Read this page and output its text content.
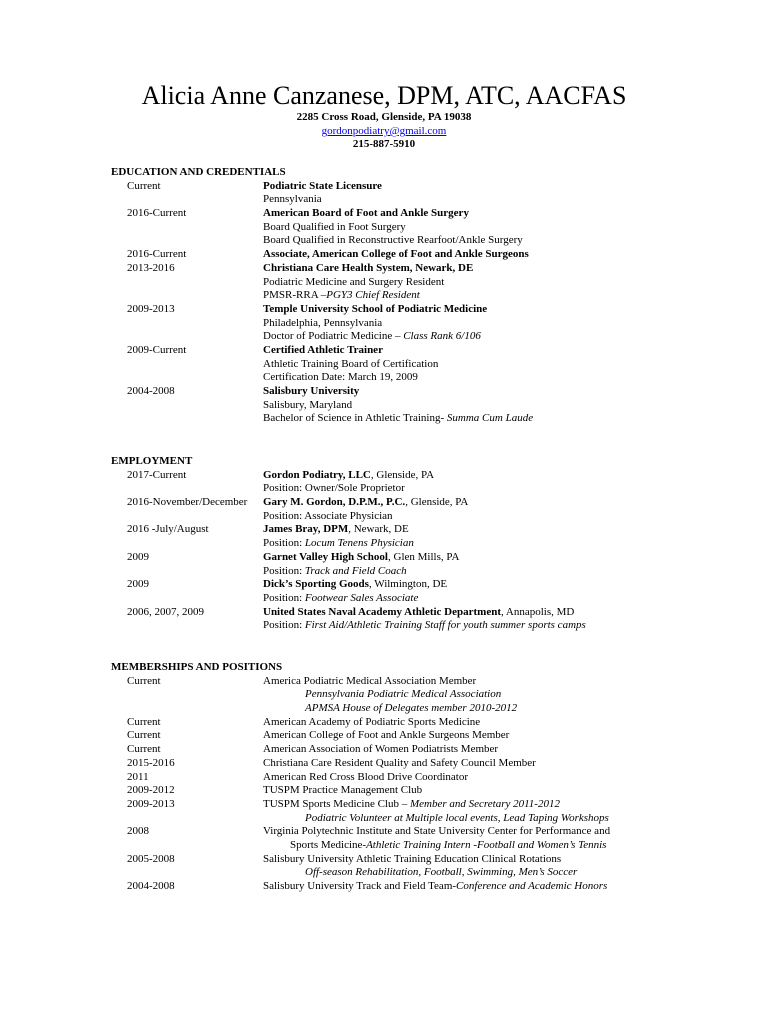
Alicia Anne Canzanese, DPM, ATC, AACFAS
2285 Cross Road, Glenside, PA 19038
gordonpodiatry@gmail.com
215-887-5910
EDUCATION AND CREDENTIALS
Current	Podiatric State Licensure
Pennsylvania
2016-Current	American Board of Foot and Ankle Surgery
Board Qualified in Foot Surgery
Board Qualified in Reconstructive Rearfoot/Ankle Surgery
2016-Current	Associate, American College of Foot and Ankle Surgeons
2013-2016	Christiana Care Health System, Newark, DE
Podiatric Medicine and Surgery Resident
PMSR-RRA –PGY3 Chief Resident
2009-2013	Temple University School of Podiatric Medicine
Philadelphia, Pennsylvania
Doctor of Podiatric Medicine – Class Rank 6/106
2009-Current	Certified Athletic Trainer
Athletic Training Board of Certification
Certification Date: March 19, 2009
2004-2008	Salisbury University
Salisbury, Maryland
Bachelor of Science in Athletic Training- Summa Cum Laude
EMPLOYMENT
2017-Current	Gordon Podiatry, LLC, Glenside, PA
Position: Owner/Sole Proprietor
2016-November/December	Gary M. Gordon, D.P.M., P.C., Glenside, PA
Position: Associate Physician
2016 -July/August	James Bray, DPM, Newark, DE
Position: Locum Tenens Physician
2009	Garnet Valley High School, Glen Mills, PA
Position: Track and Field Coach
2009	Dick’s Sporting Goods, Wilmington, DE
Position: Footwear Sales Associate
2006, 2007, 2009	United States Naval Academy Athletic Department, Annapolis, MD
Position: First Aid/Athletic Training Staff for youth summer sports camps
MEMBERSHIPS AND POSITIONS
Current	America Podiatric Medical Association Member
Pennsylvania Podiatric Medical Association
APMSA House of Delegates member 2010-2012
Current	American Academy of Podiatric Sports Medicine
Current	American College of Foot and Ankle Surgeons Member
Current	American Association of Women Podiatrists Member
2015-2016	Christiana Care Resident Quality and Safety Council Member
2011	American Red Cross Blood Drive Coordinator
2009-2012	TUSPM Practice Management Club
2009-2013	TUSPM Sports Medicine Club – Member and Secretary 2011-2012
Podiatric Volunteer at Multiple local events, Lead Taping Workshops
2008	Virginia Polytechnic Institute and State University Center for Performance and
Sports Medicine-Athletic Training Intern -Football and Women’s Tennis
2005-2008	Salisbury University Athletic Training Education Clinical Rotations
Off-season Rehabilitation, Football, Swimming, Men’s Soccer
2004-2008	Salisbury University Track and Field Team-Conference and Academic Honors
